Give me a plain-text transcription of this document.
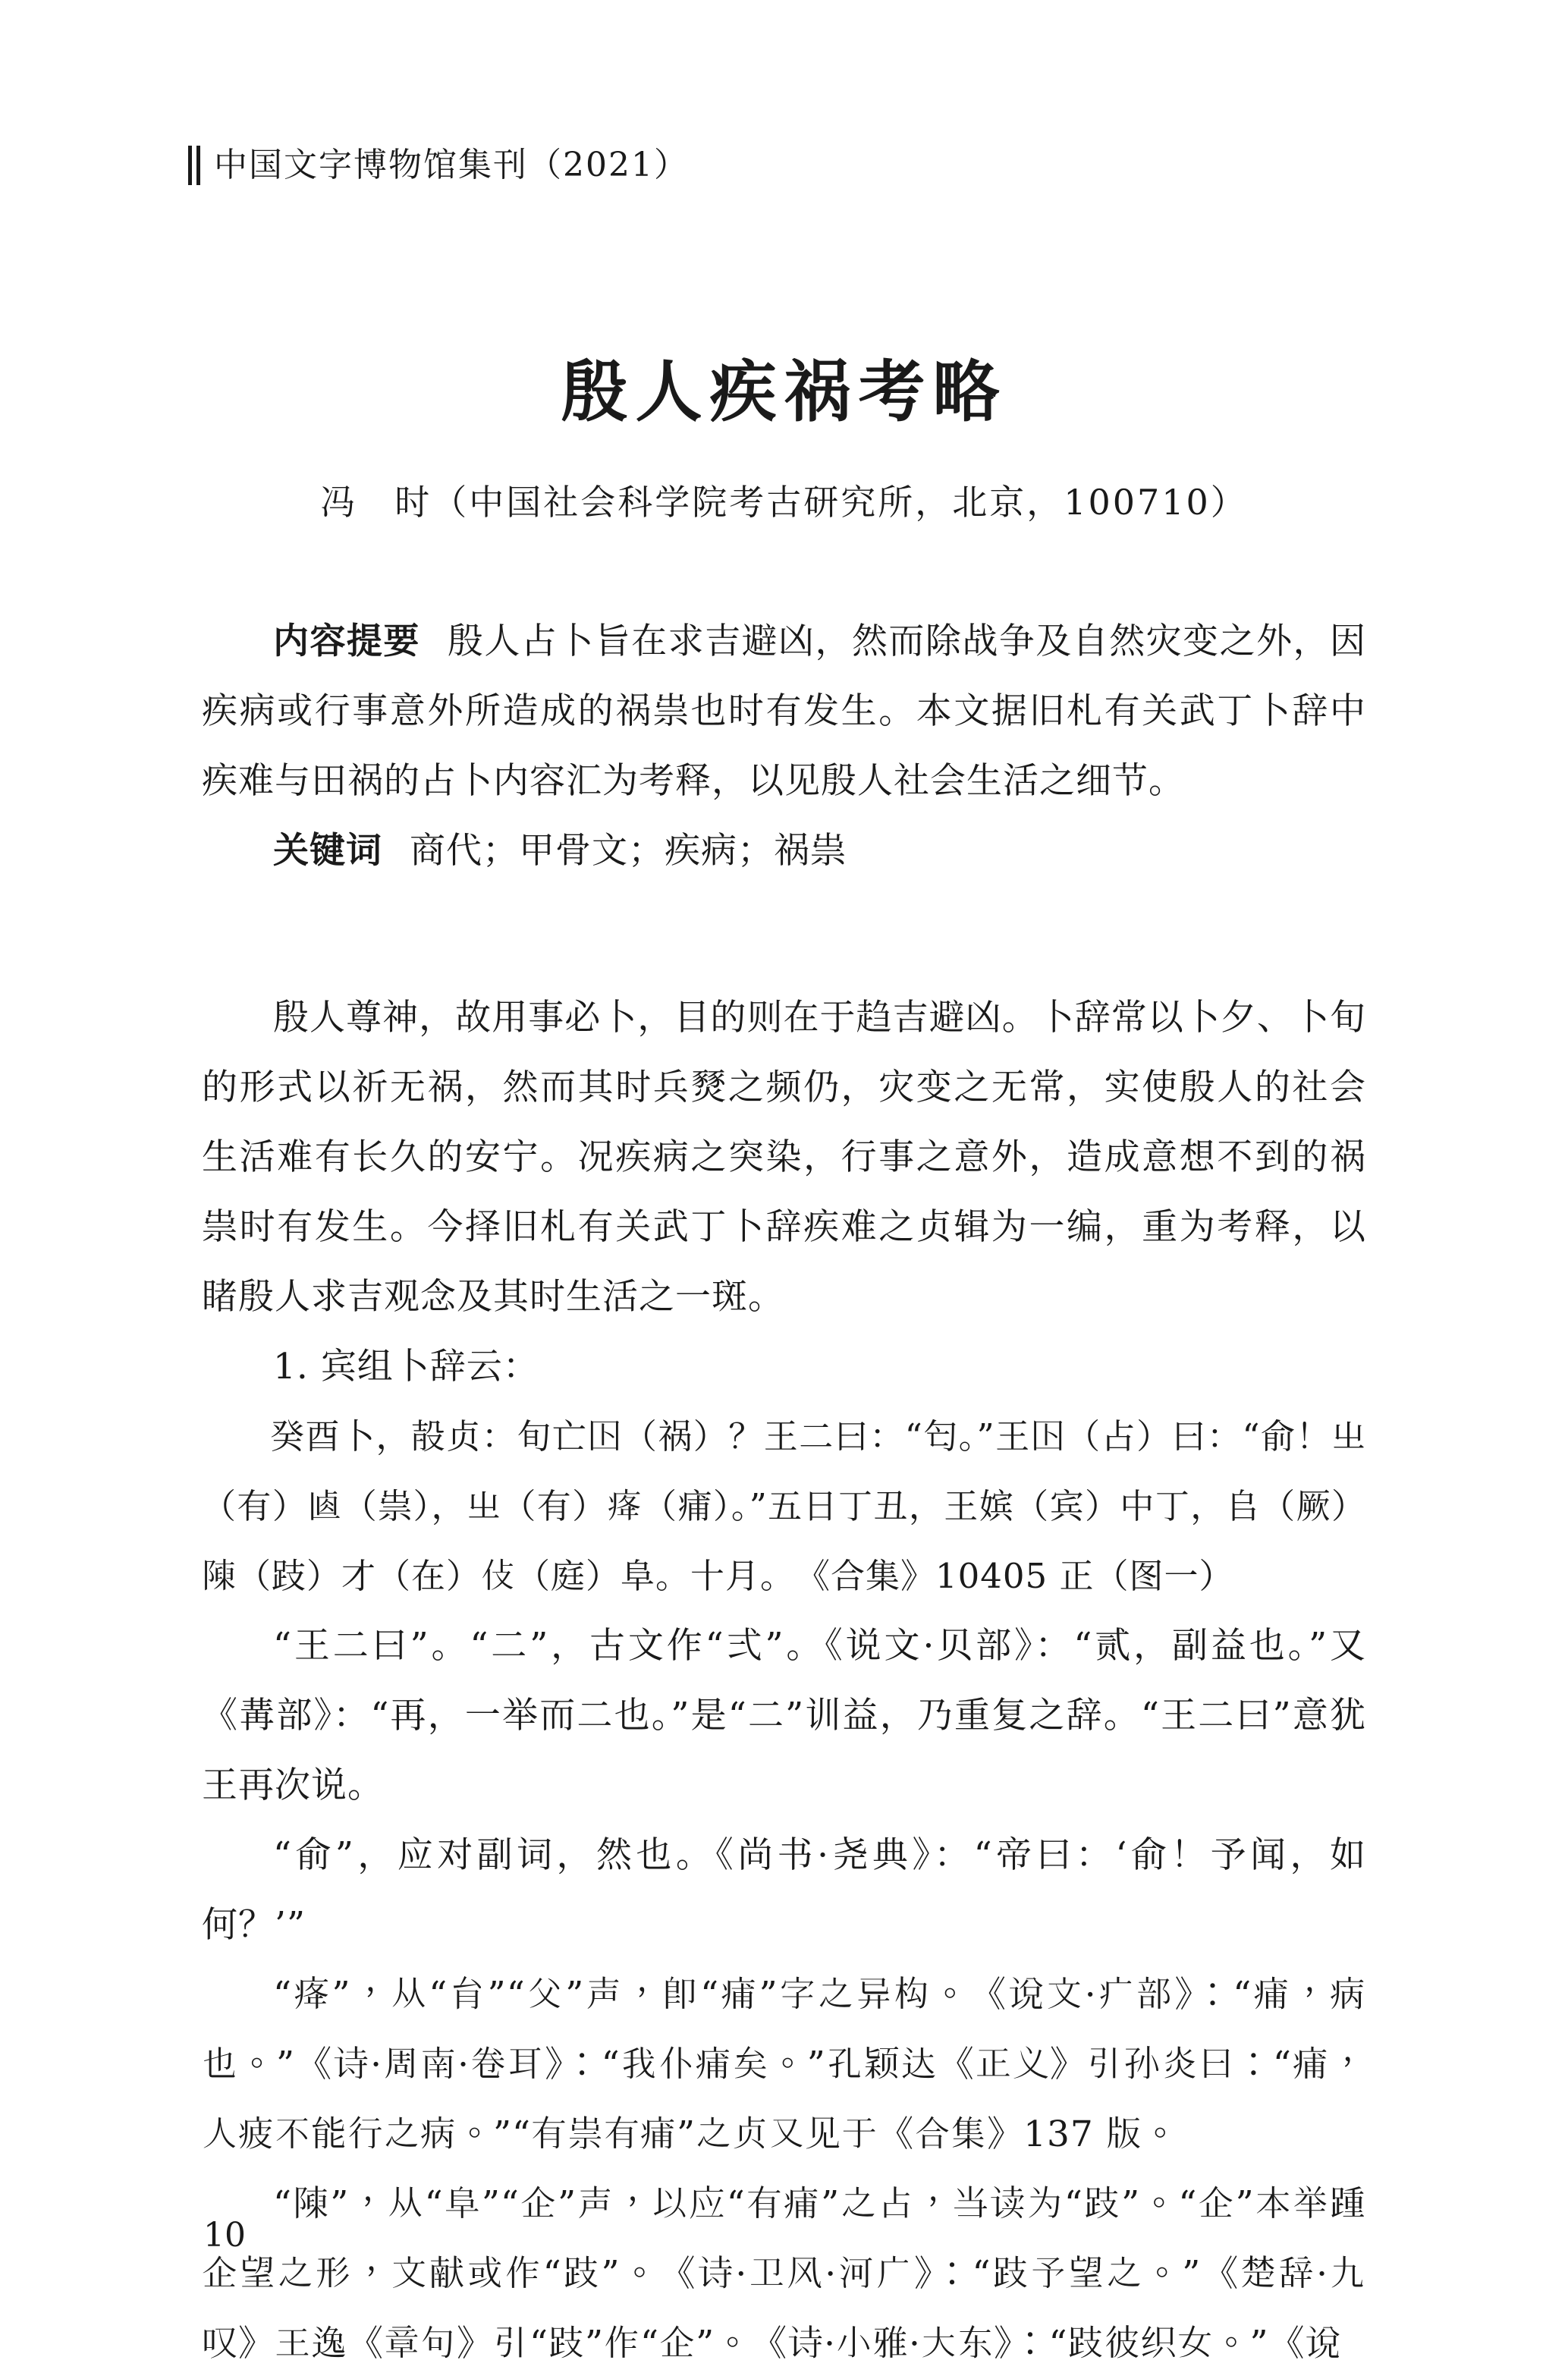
中国文字博物馆集刊（2021）
殷人疾祸考略
冯　时（中国社会科学院考古研究所，北京，100710）

内容提要 殷人占卜旨在求吉避凶，然而除战争及自然灾变之外，因疾病或行事意外所造成的祸祟也时有发生。本文据旧札有关武丁卜辞中疾难与田祸的占卜内容汇为考释，以见殷人社会生活之细节。

关键词 商代；甲骨文；疾病；祸祟

殷人尊神，故用事必卜，目的则在于趋吉避凶。卜辞常以卜夕、卜旬的形式以祈无祸，然而其时兵燹之频仍，灾变之无常，实使殷人的社会生活难有长久的安宁。况疾病之突染，行事之意外，造成意想不到的祸祟时有发生。今择旧札有关武丁卜辞疾难之贞辑为一编，重为考释，以睹殷人求吉观念及其时生活之一斑。

1. 宾组卜辞云：

癸酉卜，㱿贞：旬亡𡆥（祸）？王二曰：“匄。”王𡆥（占）曰：“俞！㞢（有）𠧴（祟），㞢（有）𤵸（痡）。”五日丁丑，王嫔（宾）中丁，𠂤（厥）𨻰（跂）才（在）𠆸（庭）阜。十月。　《合集》10405 正（图一）

“王二曰”。“二”，古文作“弍”。《说文·贝部》：“贰，副益也。”又《冓部》：“再，一举而二也。”是“二”训益，乃重复之辞。“王二曰”意犹王再次说。

“俞”，应对副词，然也。《尚书·尧典》：“帝曰：‘俞！予闻，如何？’”

“𤵸”，从“䏍”“父”声，即“痡”字之异构。《说文·疒部》：“痡，病也。”《诗·周南·卷耳》：“我仆痡矣。”孔颖达《正义》引孙炎曰：“痡，人疲不能行之病。”“有祟有痡”之贞又见于《合集》137 版。

“𨻰”，从“阜”“企”声，以应“有痡”之占，当读为“跂”。“企”本举踵企望之形，文献或作“跂”。《诗·卫风·河广》：“跂予望之。”《楚辞·九叹》王逸《章句》引“跂”作“企”。《诗·小雅·大东》：“跂彼织女。”《说

10
